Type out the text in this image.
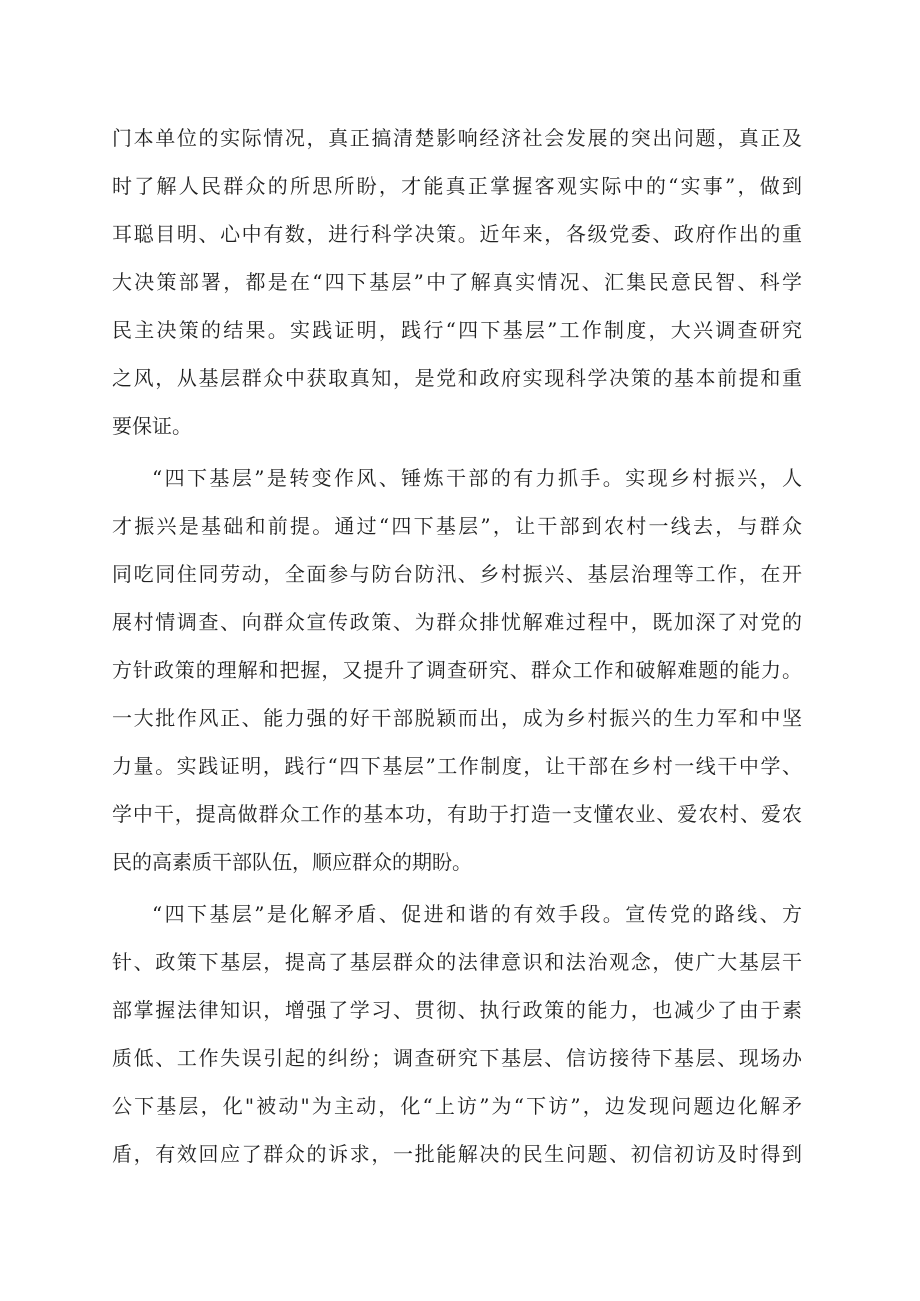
门本单位的实际情况，真正搞清楚影响经济社会发展的突出问题，真正及
时了解人民群众的所思所盼，才能真正掌握客观实际中的“实事”，做到
耳聪目明、心中有数，进行科学决策。近年来，各级党委、政府作出的重
大决策部署，都是在“四下基层”中了解真实情况、汇集民意民智、科学
民主决策的结果。实践证明，践行“四下基层”工作制度，大兴调查研究
之风，从基层群众中获取真知，是党和政府实现科学决策的基本前提和重
要保证。
“四下基层”是转变作风、锤炼干部的有力抓手。实现乡村振兴，人
才振兴是基础和前提。通过“四下基层”，让干部到农村一线去，与群众
同吃同住同劳动，全面参与防台防汛、乡村振兴、基层治理等工作，在开
展村情调查、向群众宣传政策、为群众排忧解难过程中，既加深了对党的
方针政策的理解和把握，又提升了调查研究、群众工作和破解难题的能力。
一大批作风正、能力强的好干部脱颖而出，成为乡村振兴的生力军和中坚
力量。实践证明，践行“四下基层”工作制度，让干部在乡村一线干中学、
学中干，提高做群众工作的基本功，有助于打造一支懂农业、爱农村、爱农
民的高素质干部队伍，顺应群众的期盼。
“四下基层”是化解矛盾、促进和谐的有效手段。宣传党的路线、方
针、政策下基层，提高了基层群众的法律意识和法治观念，使广大基层干
部掌握法律知识，增强了学习、贯彻、执行政策的能力，也减少了由于素
质低、工作失误引起的纠纷；调查研究下基层、信访接待下基层、现场办
公下基层，化"被动"为主动，化“上访”为“下访”，边发现问题边化解矛
盾，有效回应了群众的诉求，一批能解决的民生问题、初信初访及时得到
